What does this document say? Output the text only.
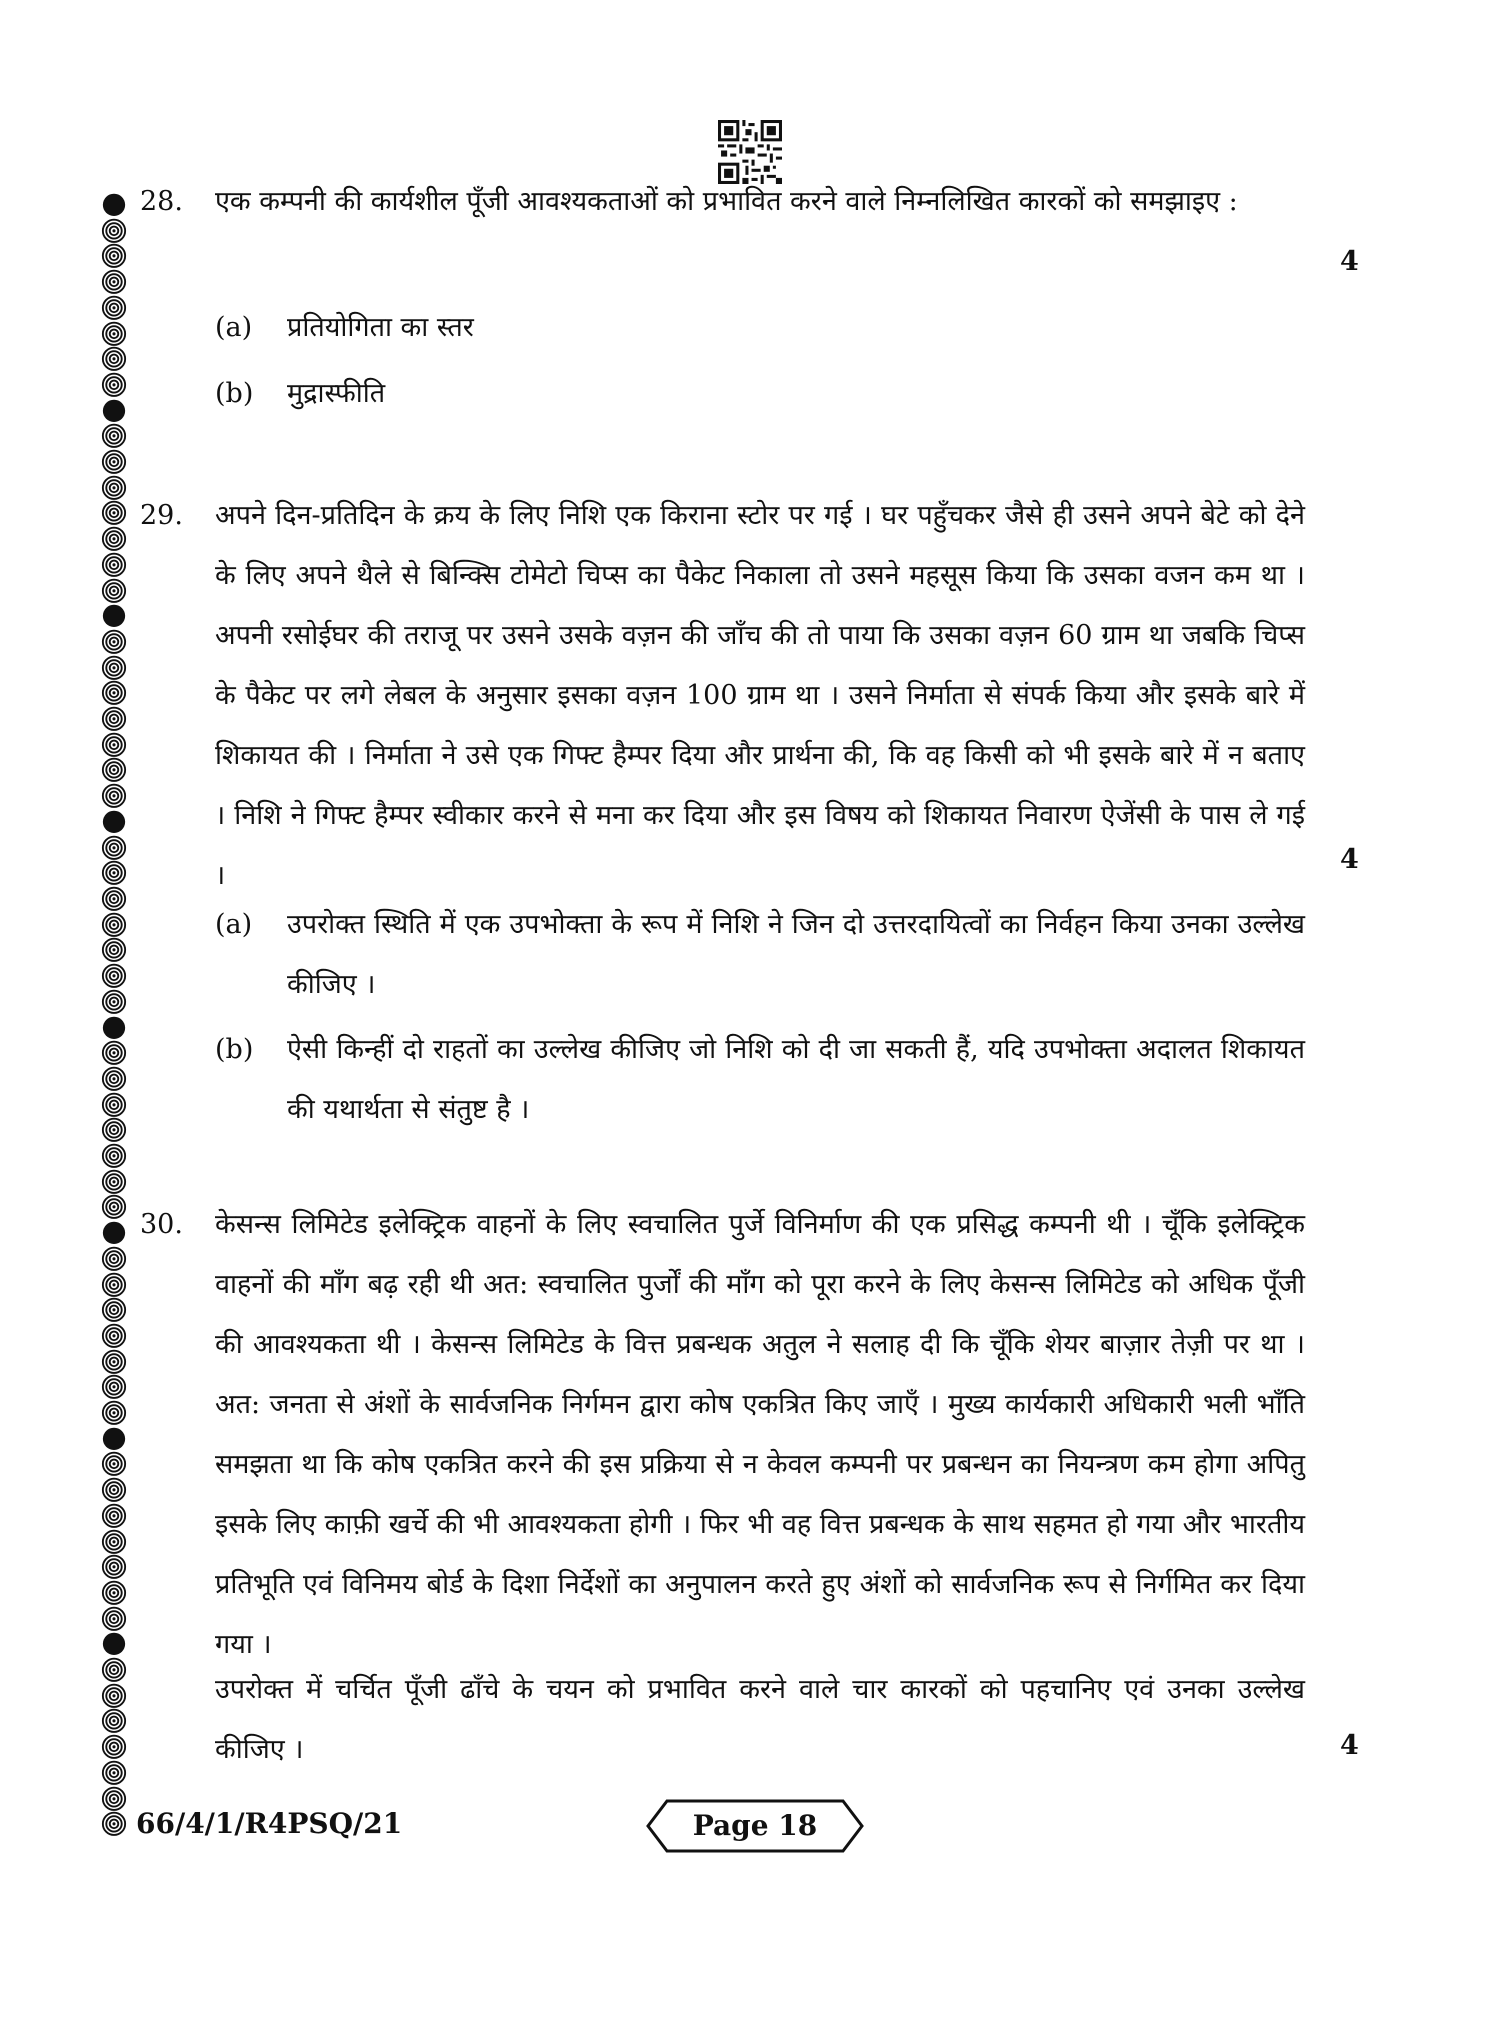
28. एक कम्पनी की कार्यशील पूँजी आवश्यकताओं को प्रभावित करने वाले निम्नलिखित कारकों को समझाइए :
4
(a) प्रतियोगिता का स्तर
(b) मुद्रास्फीति
29. अपने दिन-प्रतिदिन के क्रय के लिए निशि एक किराना स्टोर पर गई । घर पहुँचकर जैसे ही उसने अपने बेटे को देने के लिए अपने थैले से बिन्क्सि टोमेटो चिप्स का पैकेट निकाला तो उसने महसूस किया कि उसका वजन कम था । अपनी रसोईघर की तराजू पर उसने उसके वज़न की जाँच की तो पाया कि उसका वज़न 60 ग्राम था जबकि चिप्स के पैकेट पर लगे लेबल के अनुसार इसका वज़न 100 ग्राम था । उसने निर्माता से संपर्क किया और इसके बारे में शिकायत की । निर्माता ने उसे एक गिफ्ट हैम्पर दिया और प्रार्थना की, कि वह किसी को भी इसके बारे में न बताए । निशि ने गिफ्ट हैम्पर स्वीकार करने से मना कर दिया और इस विषय को शिकायत निवारण ऐजेंसी के पास ले गई ।
4
(a) उपरोक्त स्थिति में एक उपभोक्ता के रूप में निशि ने जिन दो उत्तरदायित्वों का निर्वहन किया उनका उल्लेख कीजिए ।
(b) ऐसी किन्हीं दो राहतों का उल्लेख कीजिए जो निशि को दी जा सकती हैं, यदि उपभोक्ता अदालत शिकायत की यथार्थता से संतुष्ट है ।
30. केसन्स लिमिटेड इलेक्ट्रिक वाहनों के लिए स्वचालित पुर्जे विनिर्माण की एक प्रसिद्ध कम्पनी थी । चूँकि इलेक्ट्रिक वाहनों की माँग बढ़ रही थी अत: स्वचालित पुर्जों की माँग को पूरा करने के लिए केसन्स लिमिटेड को अधिक पूँजी की आवश्यकता थी । केसन्स लिमिटेड के वित्त प्रबन्धक अतुल ने सलाह दी कि चूँकि शेयर बाज़ार तेज़ी पर था । अत: जनता से अंशों के सार्वजनिक निर्गमन द्वारा कोष एकत्रित किए जाएँ । मुख्य कार्यकारी अधिकारी भली भाँति समझता था कि कोष एकत्रित करने की इस प्रक्रिया से न केवल कम्पनी पर प्रबन्धन का नियन्त्रण कम होगा अपितु इसके लिए काफ़ी खर्चे की भी आवश्यकता होगी । फिर भी वह वित्त प्रबन्धक के साथ सहमत हो गया और भारतीय प्रतिभूति एवं विनिमय बोर्ड के दिशा निर्देशों का अनुपालन करते हुए अंशों को सार्वजनिक रूप से निर्गमित कर दिया गया ।
उपरोक्त में चर्चित पूँजी ढाँचे के चयन को प्रभावित करने वाले चार कारकों को पहचानिए एवं उनका उल्लेख कीजिए ।	4
66/4/1/R4PSQ/21	Page 18
